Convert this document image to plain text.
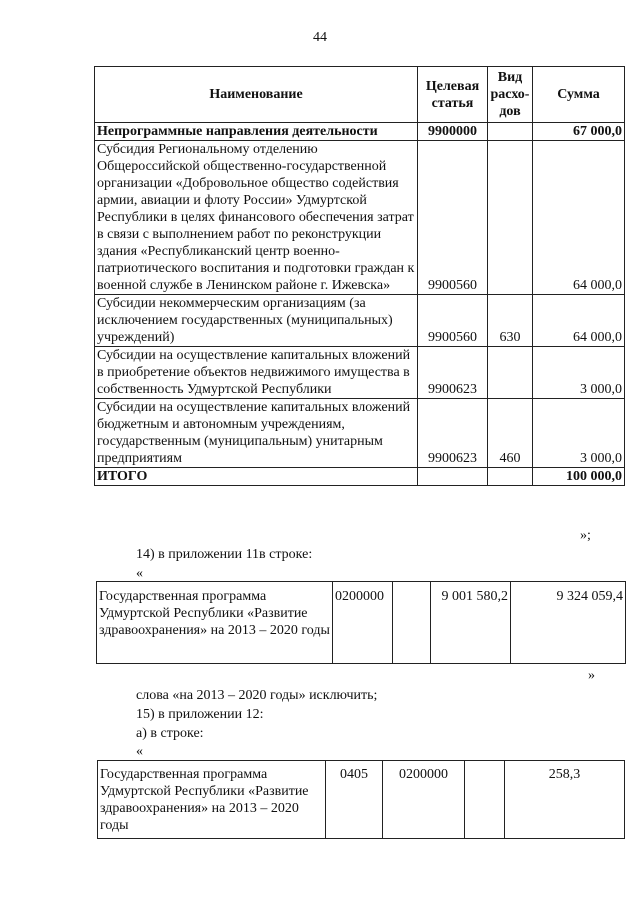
44
Наименование	Целевая статья	Вид расхо- дов	Сумма
Непрограммные направления деятельности	9900000		67 000,0
Субсидия Региональному отделению Общероссийской общественно-государственной организации «Добровольное общество содействия армии, авиации и флоту России» Удмуртской Республики в целях финансового обеспечения затрат в связи с выполнением работ по реконструкции здания «Республиканский центр военно-патриотического воспитания и подготовки граждан к военной службе в Ленинском районе г. Ижевска»	9900560		64 000,0
Субсидии некоммерческим организациям (за исключением государственных (муниципальных) учреждений)	9900560	630	64 000,0
Субсидии на осуществление капитальных вложений в приобретение объектов недвижимого имущества в собственность Удмуртской Республики	9900623		3 000,0
Субсидии на осуществление капитальных вложений бюджетным и автономным учреждениям, государственным (муниципальным) унитарным предприятиям	9900623	460	3 000,0
ИТОГО			100 000,0
»;
14) в приложении 11в строке:
«
Государственная программа Удмуртской Республики «Развитие здравоохранения» на 2013 – 2020 годы	0200000		9 001 580,2	9 324 059,4
»
слова «на 2013 – 2020 годы» исключить;
15) в приложении 12:
а) в строке:
«
Государственная программа Удмуртской Республики «Развитие здравоохранения» на 2013 – 2020 годы	0405	0200000		258,3
